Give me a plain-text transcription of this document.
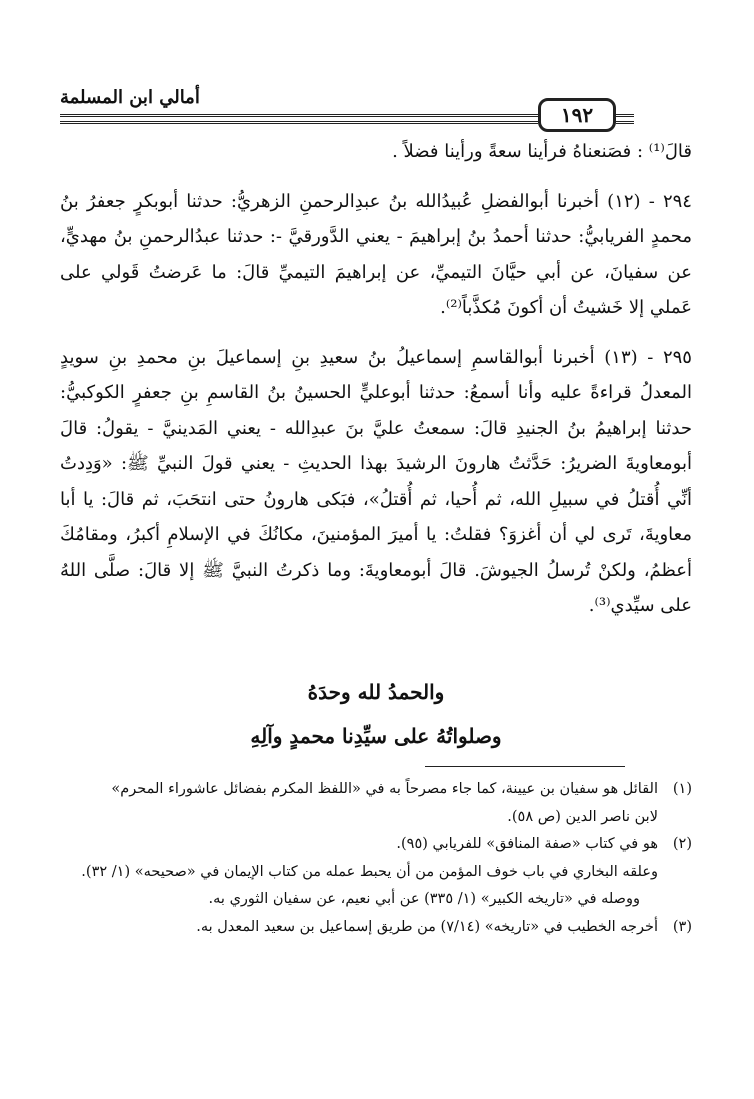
أمالي ابن المسلمة
١٩٢

قالَ⁽¹⁾ : فصَنعناهُ فرأينا سعةً ورأينا فضلاً .

٢٩٤ - (١٢) أخبرنا أبوالفضلِ عُبيدُالله بنُ عبدِالرحمنِ الزهريُّ: حدثنا أبوبكرٍ جعفرُ بنُ محمدٍ الفريابيُّ: حدثنا أحمدُ بنُ إبراهيمَ - يعني الدَّورقيَّ -: حدثنا عبدُالرحمنِ بنُ مهديٍّ، عن سفيانَ، عن أبي حيَّانَ التيميِّ، عن إبراهيمَ التيميِّ قالَ: ما عَرضتُ قَولي على عَملي إلا خَشيتُ أن أكونَ مُكذَّباً⁽²⁾.

٢٩٥ - (١٣) أخبرنا أبوالقاسمِ إسماعيلُ بنُ سعيدِ بنِ إسماعيلَ بنِ محمدِ بنِ سويدٍ المعدلُ قراءةً عليه وأنا أسمعُ: حدثنا أبوعليٍّ الحسينُ بنُ القاسمِ بنِ جعفرٍ الكوكبيُّ: حدثنا إبراهيمُ بنُ الجنيدِ قالَ: سمعتُ عليَّ بنَ عبدِالله - يعني المَدينيَّ - يقولُ: قالَ أبومعاويةَ الضريرُ: حَدَّثتُ هارونَ الرشيدَ بهذا الحديثِ - يعني قولَ النبيِّ ﷺ: «وَدِدتُ أنِّي أُقتلُ في سبيلِ الله، ثم أُحيا، ثم أُقتلُ»، فبَكى هارونُ حتى انتحَبَ، ثم قالَ: يا أبا معاويةَ، تَرى لي أن أغزوَ؟ فقلتُ: يا أميرَ المؤمنينَ، مكانُكَ في الإسلامِ أكبرُ، ومقامُكَ أعظمُ، ولكنْ تُرسلُ الجيوشَ. قالَ أبومعاويةَ: وما ذكرتُ النبيَّ ﷺ إلا قالَ: صلَّى اللهُ على سيِّدي⁽³⁾.

والحمدُ لله وحدَهُ
وصلواتُهُ على سيِّدِنا محمدٍ وآلِهِ

(١)
القائل هو سفيان بن عيينة، كما جاء مصرحاً به في «اللفظ المكرم بفضائل عاشوراء المحرم»

لابن ناصر الدين (ص ٥٨).

(٢)
هو في كتاب «صفة المنافق» للفريابي (٩٥).

وعلقه البخاري في باب خوف المؤمن من أن يحبط عمله من كتاب الإيمان في «صحيحه» (١/ ٣٢).

ووصله في «تاريخه الكبير» (١/ ٣٣٥) عن أبي نعيم، عن سفيان الثوري به.

(٣)
أخرجه الخطيب في «تاريخه» (٧/١٤) من طريق إسماعيل بن سعيد المعدل به.
